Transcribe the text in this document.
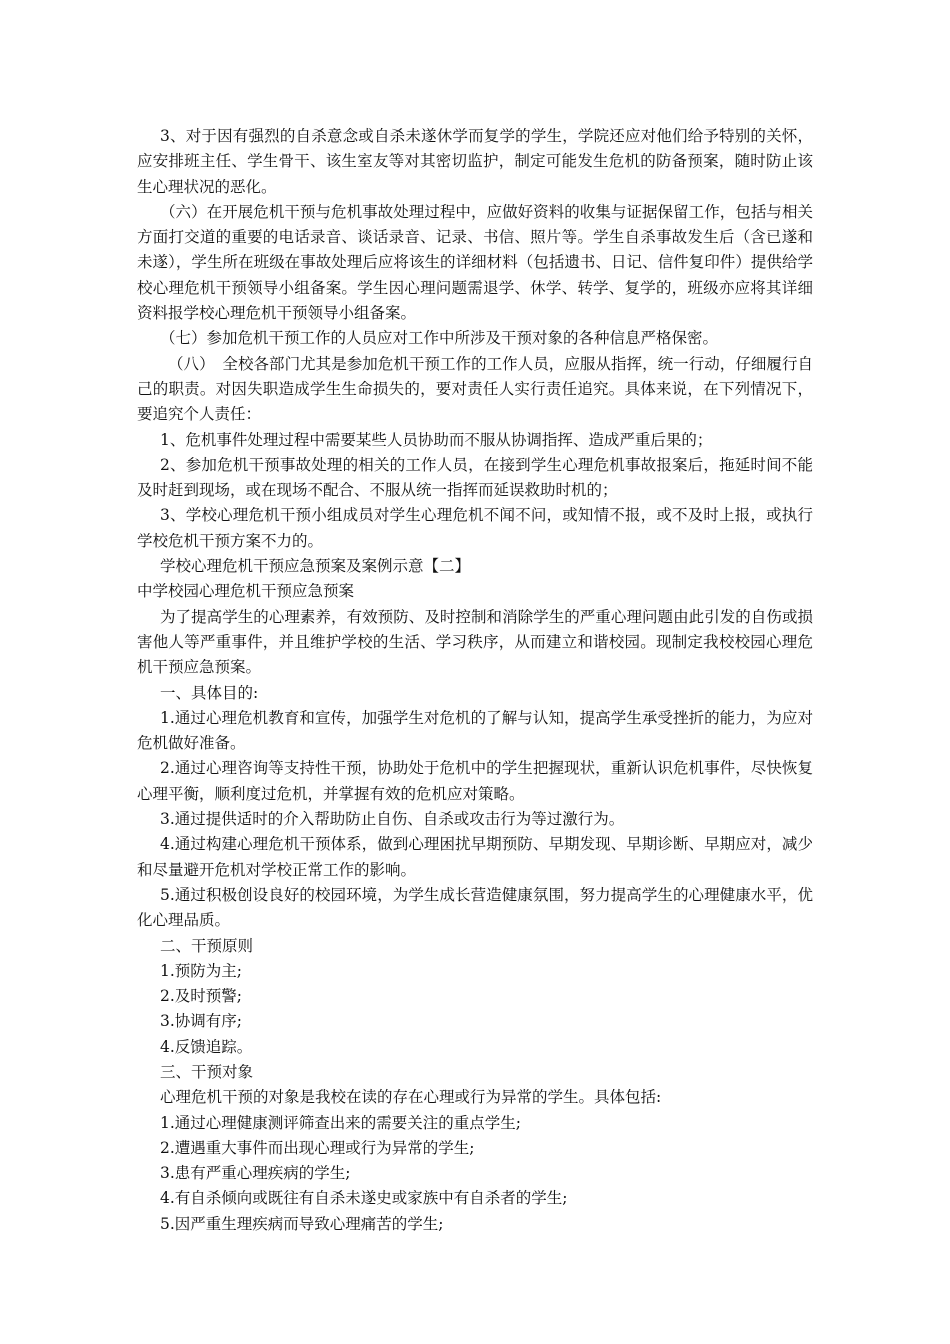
3、对于因有强烈的自杀意念或自杀未遂休学而复学的学生，学院还应对他们给予特别的关怀，应安排班主任、学生骨干、该生室友等对其密切监护，制定可能发生危机的防备预案，随时防止该生心理状况的恶化。

（六）在开展危机干预与危机事故处理过程中，应做好资料的收集与证据保留工作，包括与相关方面打交道的重要的电话录音、谈话录音、记录、书信、照片等。学生自杀事故发生后（含已遂和未遂），学生所在班级在事故处理后应将该生的详细材料（包括遗书、日记、信件复印件）提供给学校心理危机干预领导小组备案。学生因心理问题需退学、休学、转学、复学的，班级亦应将其详细资料报学校心理危机干预领导小组备案。

（七）参加危机干预工作的人员应对工作中所涉及干预对象的各种信息严格保密。

（八）　全校各部门尤其是参加危机干预工作的工作人员，应服从指挥，统一行动，仔细履行自己的职责。对因失职造成学生生命损失的，要对责任人实行责任追究。具体来说，在下列情况下，要追究个人责任：

1、危机事件处理过程中需要某些人员协助而不服从协调指挥、造成严重后果的；

2、参加危机干预事故处理的相关的工作人员，在接到学生心理危机事故报案后，拖延时间不能及时赶到现场，或在现场不配合、不服从统一指挥而延误救助时机的；

3、学校心理危机干预小组成员对学生心理危机不闻不问，或知情不报，或不及时上报，或执行学校危机干预方案不力的。

学校心理危机干预应急预案及案例示意【二】

中学校园心理危机干预应急预案

为了提高学生的心理素养，有效预防、及时控制和消除学生的严重心理问题由此引发的自伤或损害他人等严重事件，并且维护学校的生活、学习秩序，从而建立和谐校园。现制定我校校园心理危机干预应急预案。

一、具体目的:

1.通过心理危机教育和宣传，加强学生对危机的了解与认知，提高学生承受挫折的能力，为应对危机做好准备。

2.通过心理咨询等支持性干预，协助处于危机中的学生把握现状，重新认识危机事件，尽快恢复心理平衡，顺利度过危机，并掌握有效的危机应对策略。

3.通过提供适时的介入帮助防止自伤、自杀或攻击行为等过激行为。

4.通过构建心理危机干预体系，做到心理困扰早期预防、早期发现、早期诊断、早期应对，减少和尽量避开危机对学校正常工作的影响。

5.通过积极创设良好的校园环境，为学生成长营造健康氛围，努力提高学生的心理健康水平，优化心理品质。

二、干预原则

1.预防为主;

2.及时预警;

3.协调有序;

4.反馈追踪。

三、干预对象

心理危机干预的对象是我校在读的存在心理或行为异常的学生。具体包括:

1.通过心理健康测评筛查出来的需要关注的重点学生;

2.遭遇重大事件而出现心理或行为异常的学生;

3.患有严重心理疾病的学生;

4.有自杀倾向或既往有自杀未遂史或家族中有自杀者的学生;

5.因严重生理疾病而导致心理痛苦的学生;
